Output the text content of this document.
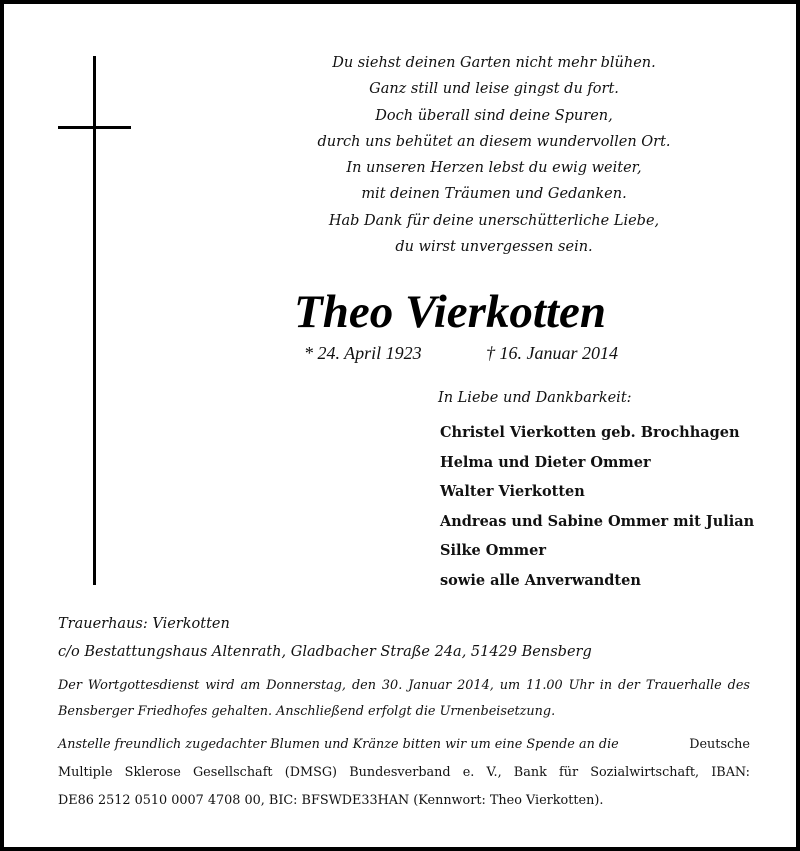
Du siehst deinen Garten nicht mehr blühen.
Ganz still und leise gingst du fort.
Doch überall sind deine Spuren,
durch uns behütet an diesem wundervollen Ort.
In unseren Herzen lebst du ewig weiter,
mit deinen Träumen und Gedanken.
Hab Dank für deine unerschütterliche Liebe,
du wirst unvergessen sein.
Theo Vierkotten
* 24. April 1923	† 16. Januar 2014
In Liebe und Dankbarkeit:
Christel Vierkotten geb. Brochhagen
Helma und Dieter Ommer
Walter Vierkotten
Andreas und Sabine Ommer mit Julian
Silke Ommer
sowie alle Anverwandten
Trauerhaus: Vierkotten
c/o Bestattungshaus Altenrath, Gladbacher Straße 24a, 51429 Bensberg
Der Wortgottesdienst wird am Donnerstag, den 30. Januar 2014, um 11.00 Uhr in der Trauerhalle des
Bensberger Friedhofes gehalten. Anschließend erfolgt die Urnenbeisetzung.
Anstelle freundlich zugedachter Blumen und Kränze bitten wir um eine Spende an die	Deutsche
Multiple Sklerose Gesellschaft (DMSG) Bundesverband e. V., Bank für Sozialwirtschaft, IBAN:
DE86 2512 0510 0007 4708 00, BIC: BFSWDE33HAN (Kennwort: Theo Vierkotten).
